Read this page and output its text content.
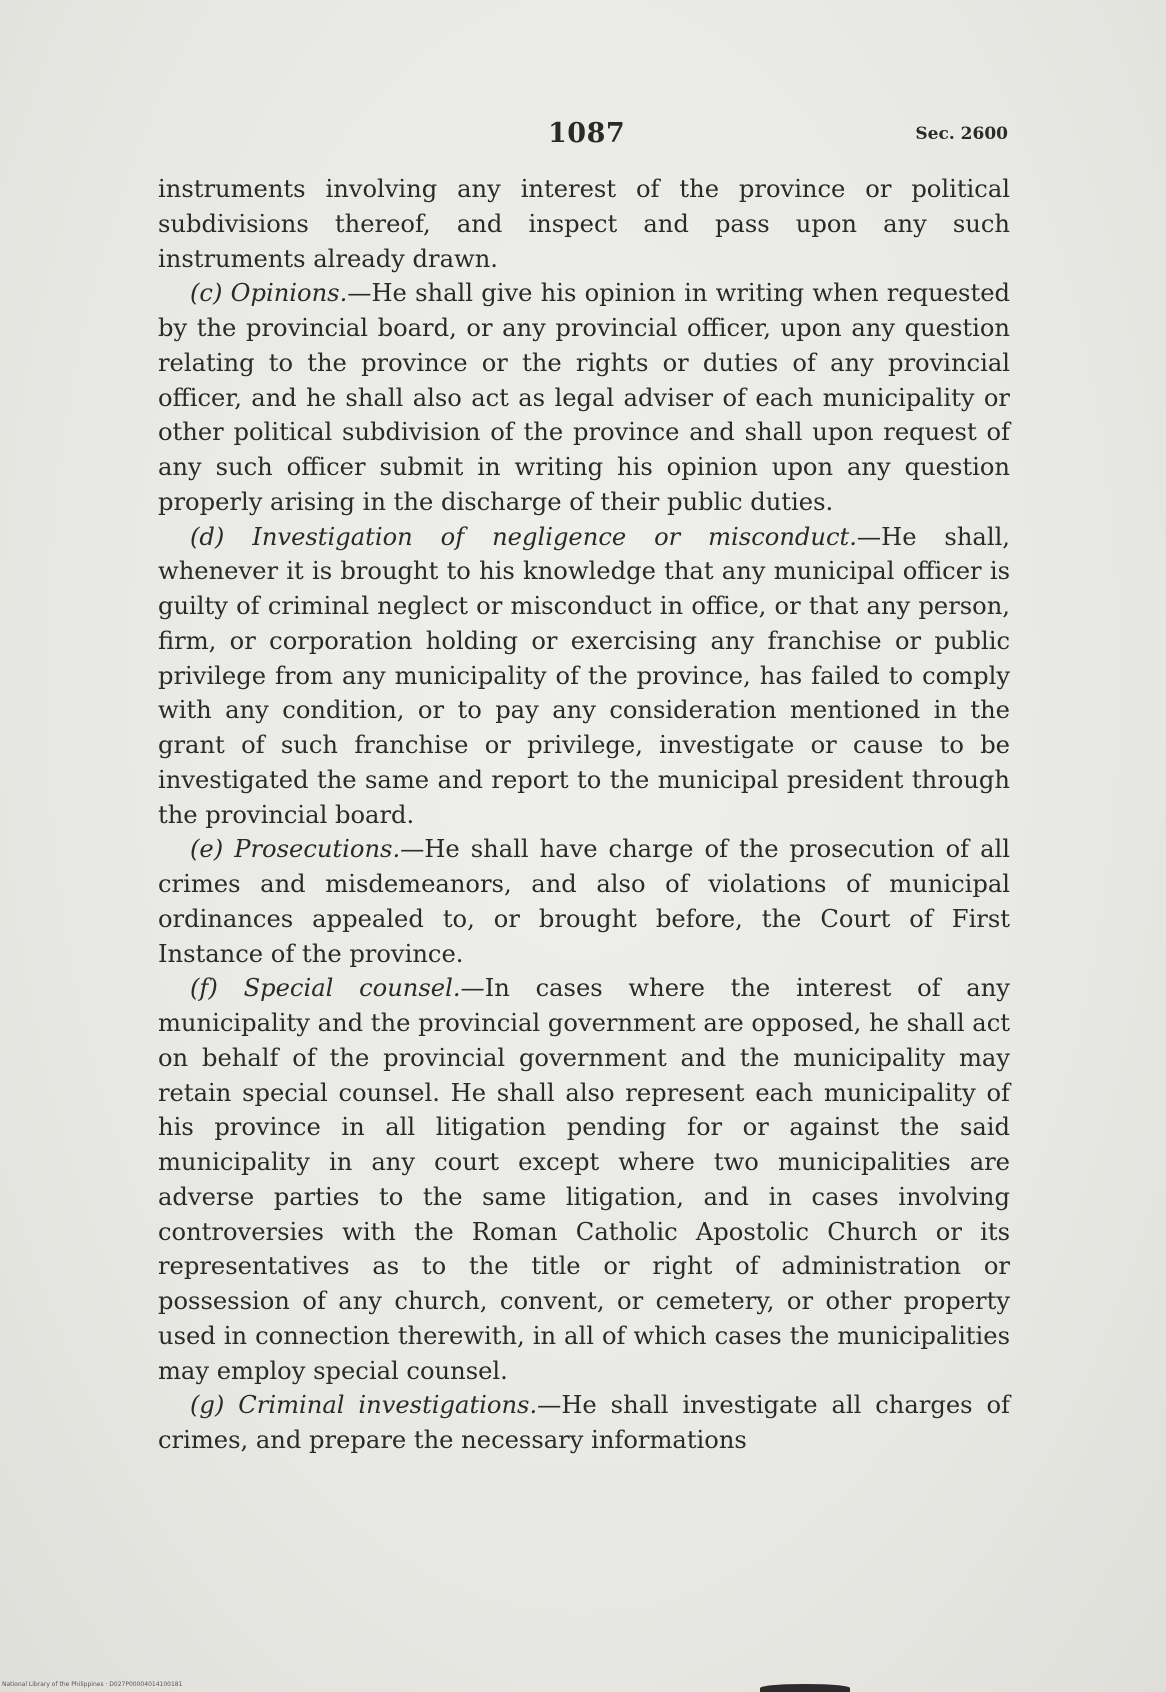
1087	Sec. 2600

instruments involving any interest of the province or political subdivisions thereof, and inspect and pass upon any such instruments already drawn.

(c) Opinions.—He shall give his opinion in writing when requested by the provincial board, or any provincial officer, upon any question relating to the province or the rights or duties of any provincial officer, and he shall also act as legal adviser of each municipality or other political subdivision of the province and shall upon request of any such officer submit in writing his opinion upon any question properly arising in the discharge of their public duties.

(d) Investigation of negligence or misconduct.—He shall, whenever it is brought to his knowledge that any municipal officer is guilty of criminal neglect or misconduct in office, or that any person, firm, or corporation holding or exercising any franchise or public privilege from any municipality of the province, has failed to comply with any condition, or to pay any consideration mentioned in the grant of such franchise or privilege, investigate or cause to be investigated the same and report to the municipal president through the provincial board.

(e) Prosecutions.—He shall have charge of the prosecution of all crimes and misdemeanors, and also of violations of municipal ordinances appealed to, or brought before, the Court of First Instance of the province.

(f) Special counsel.—In cases where the interest of any municipality and the provincial government are opposed, he shall act on behalf of the provincial government and the municipality may retain special counsel. He shall also represent each municipality of his province in all litigation pending for or against the said municipality in any court except where two municipalities are adverse parties to the same litigation, and in cases involving controversies with the Roman Catholic Apostolic Church or its representatives as to the title or right of administration or possession of any church, convent, or cemetery, or other property used in connection therewith, in all of which cases the municipalities may employ special counsel.

(g) Criminal investigations.—He shall investigate all charges of crimes, and prepare the necessary informations

National Library of the Philippines · D027P00004014100181
